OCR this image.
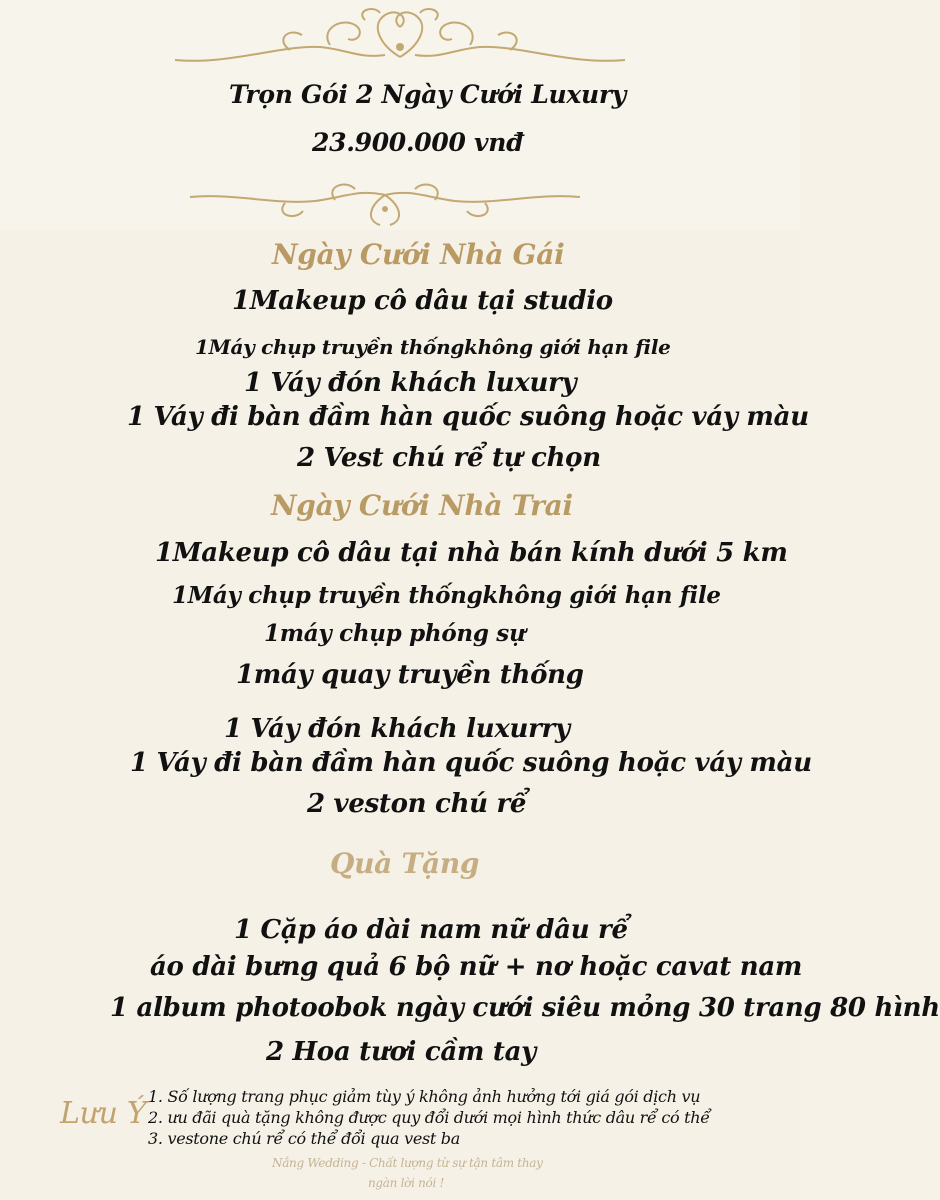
Trọn Gói 2 Ngày Cưới Luxury
23.900.000 vnđ
Ngày Cưới Nhà Gái
1Makeup cô dâu tại studio
1Máy chụp truyền thốngkhông giới hạn file
1 Váy đón khách luxury
1 Váy đi bàn đầm hàn quốc suông hoặc váy màu
2 Vest chú rể tự chọn
Ngày Cưới Nhà Trai
1Makeup cô dâu tại nhà bán kính dưới 5 km
1Máy chụp truyền thốngkhông giới hạn file
1máy chụp phóng sự
1máy quay truyền thống
1 Váy đón khách luxurry
1 Váy đi bàn đầm hàn quốc suông hoặc váy màu
2 veston chú rể
Quà Tặng
1 Cặp áo dài nam nữ dâu rể
áo dài bưng quả 6 bộ nữ + nơ hoặc cavat nam
1 album photoobok ngày cưới siêu mỏng 30 trang 80 hình
2 Hoa tươi cầm tay
Lưu Ý 1. Số lượng trang phục giảm tùy ý không ảnh hưởng tới giá gói dịch vụ
2. ưu đãi quà tặng không được quy đổi dưới mọi hình thức dâu rể có thể
3. vestone chú rể có thể đổi qua vest ba
Nắng Wedding - Chất lượng từ sự tận tâm thay
ngàn lời nói !
